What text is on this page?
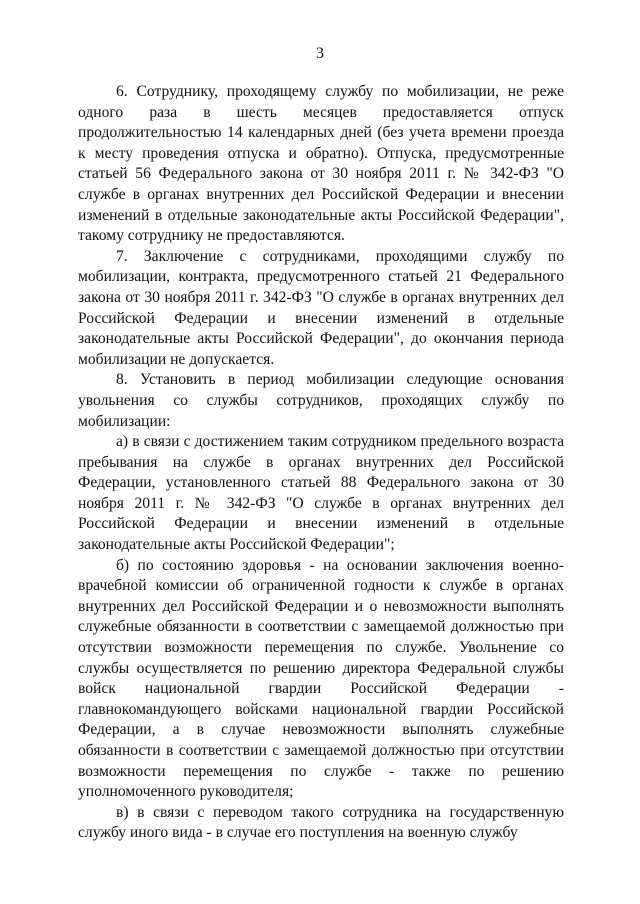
3

6. Сотруднику, проходящему службу по мобилизации, не реже одного раза в шесть месяцев предоставляется отпуск продолжительностью 14 календарных дней (без учета времени проезда к месту проведения отпуска и обратно). Отпуска, предусмотренные статьей 56 Федерального закона от 30 ноября 2011 г. № 342-ФЗ "О службе в органах внутренних дел Российской Федерации и внесении изменений в отдельные законодательные акты Российской Федерации", такому сотруднику не предоставляются.

7. Заключение с сотрудниками, проходящими службу по мобилизации, контракта, предусмотренного статьей 21 Федерального закона от 30 ноября 2011 г. 342-ФЗ "О службе в органах внутренних дел Российской Федерации и внесении изменений в отдельные законодательные акты Российской Федерации", до окончания периода мобилизации не допускается.

8. Установить в период мобилизации следующие основания увольнения со службы сотрудников, проходящих службу по мобилизации:

а) в связи с достижением таким сотрудником предельного возраста пребывания на службе в органах внутренних дел Российской Федерации, установленного статьей 88 Федерального закона от 30 ноября 2011 г. № 342-ФЗ "О службе в органах внутренних дел Российской Федерации и внесении изменений в отдельные законодательные акты Российской Федерации";

б) по состоянию здоровья - на основании заключения военно-врачебной комиссии об ограниченной годности к службе в органах внутренних дел Российской Федерации и о невозможности выполнять служебные обязанности в соответствии с замещаемой должностью при отсутствии возможности перемещения по службе. Увольнение со службы осуществляется по решению директора Федеральной службы войск национальной гвардии Российской Федерации - главнокомандующего войсками национальной гвардии Российской Федерации, а в случае невозможности выполнять служебные обязанности в соответствии с замещаемой должностью при отсутствии возможности перемещения по службе - также по решению уполномоченного руководителя;

в) в связи с переводом такого сотрудника на государственную службу иного вида - в случае его поступления на военную службу
